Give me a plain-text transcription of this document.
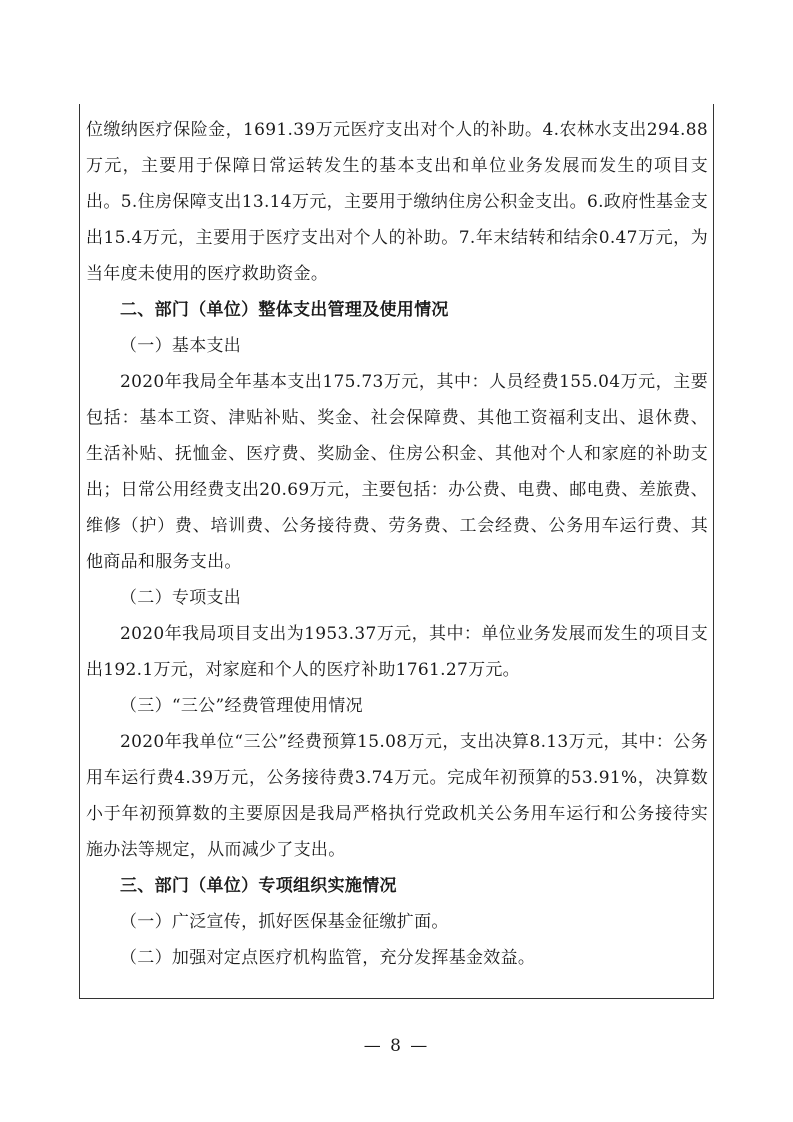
位缴纳医疗保险金，1691.39万元医疗支出对个人的补助。4.农林水支出294.88万元，主要用于保障日常运转发生的基本支出和单位业务发展而发生的项目支出。5.住房保障支出13.14万元，主要用于缴纳住房公积金支出。6.政府性基金支出15.4万元，主要用于医疗支出对个人的补助。7.年末结转和结余0.47万元，为当年度未使用的医疗救助资金。

二、部门（单位）整体支出管理及使用情况

（一）基本支出

2020年我局全年基本支出175.73万元，其中：人员经费155.04万元，主要包括：基本工资、津贴补贴、奖金、社会保障费、其他工资福利支出、退休费、生活补贴、抚恤金、医疗费、奖励金、住房公积金、其他对个人和家庭的补助支出；日常公用经费支出20.69万元，主要包括：办公费、电费、邮电费、差旅费、维修（护）费、培训费、公务接待费、劳务费、工会经费、公务用车运行费、其他商品和服务支出。

（二）专项支出

2020年我局项目支出为1953.37万元，其中：单位业务发展而发生的项目支出192.1万元，对家庭和个人的医疗补助1761.27万元。

（三）“三公”经费管理使用情况

2020年我单位“三公”经费预算15.08万元，支出决算8.13万元，其中：公务用车运行费4.39万元，公务接待费3.74万元。完成年初预算的53.91%，决算数小于年初预算数的主要原因是我局严格执行党政机关公务用车运行和公务接待实施办法等规定，从而减少了支出。

三、部门（单位）专项组织实施情况

（一）广泛宣传，抓好医保基金征缴扩面。

（二）加强对定点医疗机构监管，充分发挥基金效益。

— 8 —
